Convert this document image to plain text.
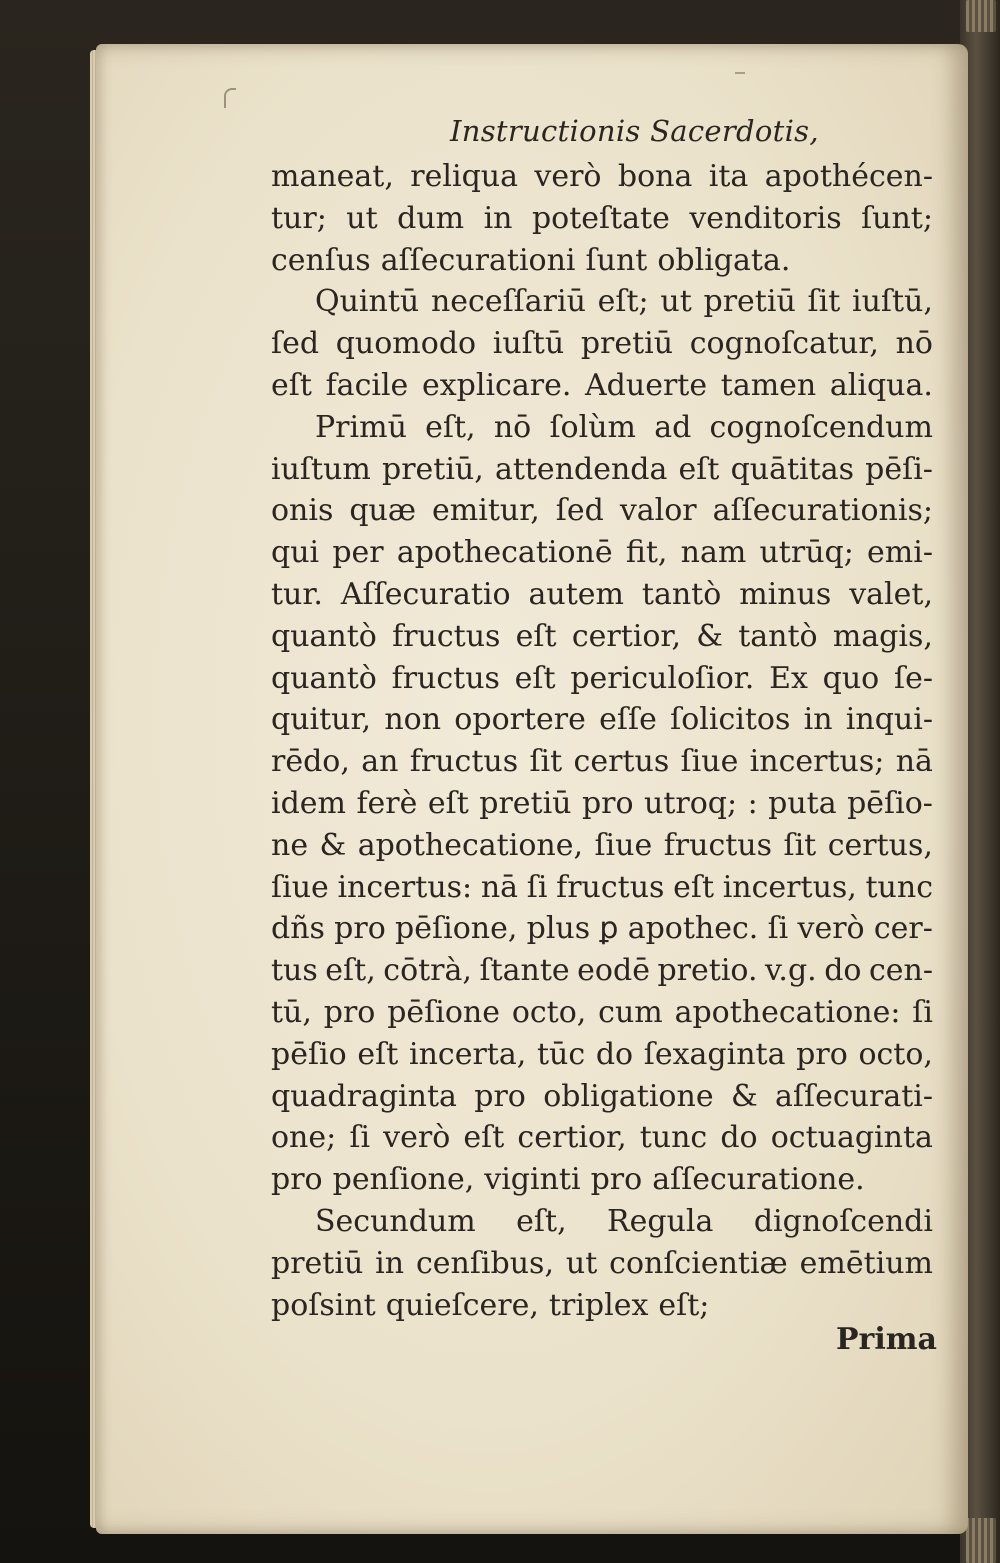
Instructionis Sacerdotis,
maneat, reliqua verò bona ita apothécen-
tur; ut dum in poteſtate venditoris ſunt;
cenſus aſſecurationi ſunt obligata.
Quintū neceſſariū eſt; ut pretiū ſit iuſtū,
ſed quomodo iuſtū pretiū cognoſcatur, nō
eſt facile explicare. Aduerte tamen aliqua.
Primū eſt, nō ſolùm ad cognoſcendum
iuſtum pretiū, attendenda eſt quātitas pēſi-
onis quæ emitur, ſed valor aſſecurationis;
qui per apothecationē fit, nam utrūq; emi-
tur. Aſſecuratio autem tantò minus valet,
quantò fructus eſt certior, & tantò magis,
quantò fructus eſt periculoſior. Ex quo ſe-
quitur, non oportere eſſe ſolicitos in inqui-
rēdo, an fructus ſit certus ſiue incertus; nā
idem ferè eſt pretiū pro utroq; : puta pēſio-
ne & apothecatione, ſiue fructus ſit certus,
ſiue incertus: nā ſi fructus eſt incertus, tunc
dñs pro pēſione, plus ꝑ apothec. ſi verò cer-
tus eſt, cōtrà, ſtante eodē pretio. v.g. do cen-
tū, pro pēſione octo, cum apothecatione: ſi
pēſio eſt incerta, tūc do ſexaginta pro octo,
quadraginta pro obligatione & aſſecurati-
one; ſi verò eſt certior, tunc do octuaginta
pro penſione, viginti pro aſſecuratione.
Secundum eſt, Regula dignoſcendi
pretiū in cenſibus, ut conſcientiæ emētium
poſsint quieſcere, triplex eſt;
Prima
